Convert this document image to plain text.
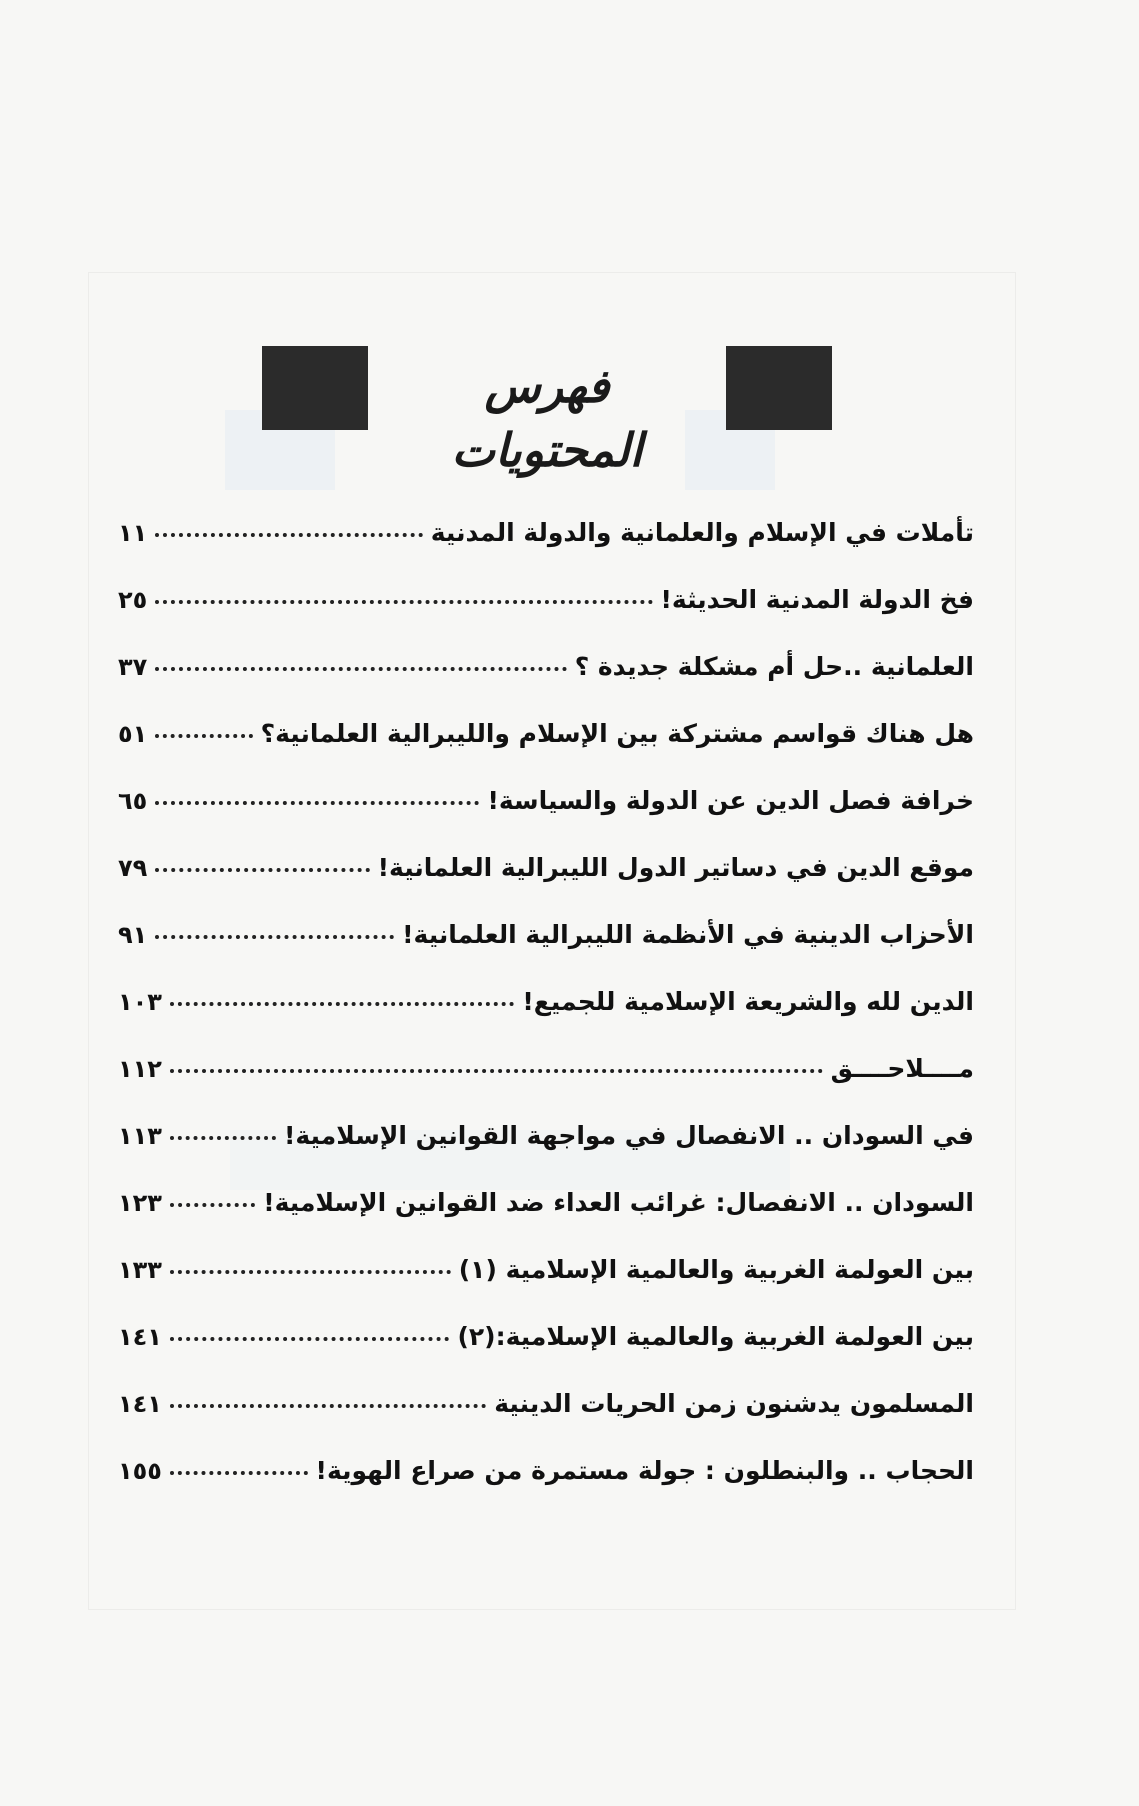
فهرس المحتويات
تأملات في الإسلام والعلمانية والدولة المدنية
١١
فخ الدولة المدنية الحديثة!
٢٥
العلمانية ..حل أم مشكلة جديدة ؟
٣٧
هل هناك قواسم مشتركة بين الإسلام والليبرالية العلمانية؟
٥١
خرافة فصل الدين عن الدولة والسياسة!
٦٥
موقع الدين في دساتير الدول الليبرالية العلمانية!
٧٩
الأحزاب الدينية في الأنظمة الليبرالية العلمانية!
٩١
الدين لله والشريعة الإسلامية للجميع!
١٠٣
مــــلاحــــق
١١٢
في السودان .. الانفصال في مواجهة القوانين الإسلامية!
١١٣
السودان .. الانفصال: غرائب العداء ضد القوانين الإسلامية!
١٢٣
بين العولمة الغربية والعالمية الإسلامية (١)
١٣٣
بين العولمة الغربية والعالمية الإسلامية:(٢)
١٤١
المسلمون يدشنون زمن الحريات الدينية
١٤١
الحجاب .. والبنطلون : جولة مستمرة من صراع الهوية!
١٥٥
